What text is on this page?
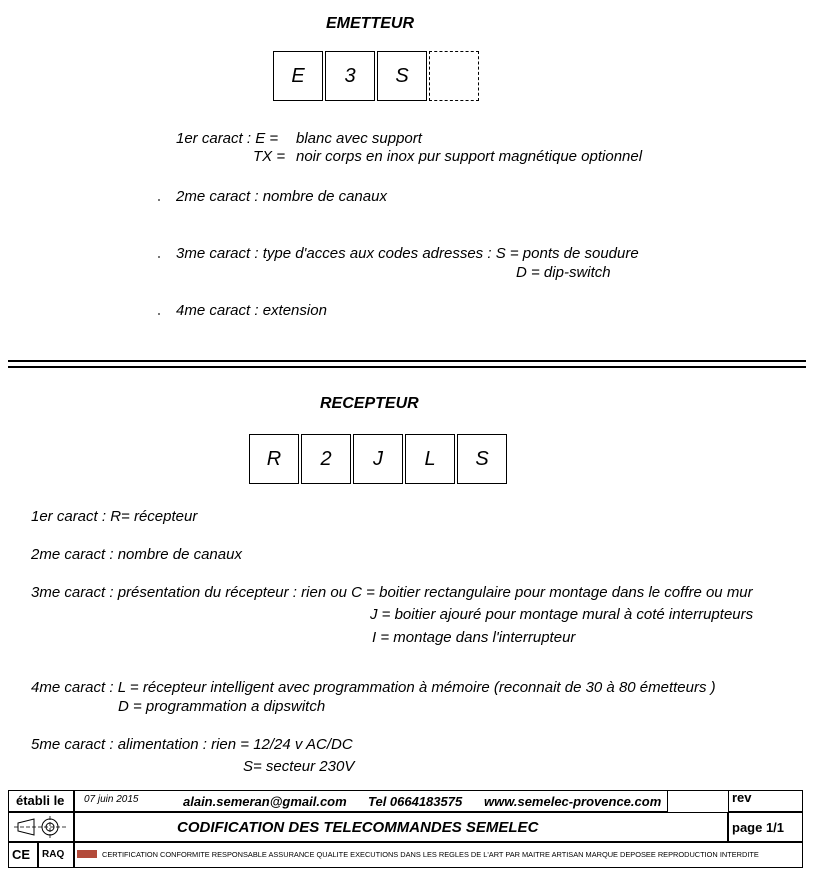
EMETTEUR
E	3	S
1er caract : E = blanc avec support
TX = noir corps en inox pur support magnétique optionnel
2me caract : nombre de canaux
3me caract : type d'acces aux codes adresses : S = ponts de soudure
D = dip-switch
4me caract : extension
RECEPTEUR
R	2	J	L	S
1er caract : R= récepteur
2me caract : nombre de canaux
3me caract : présentation du récepteur : rien ou C = boitier rectangulaire pour montage dans le coffre ou mur
J = boitier ajouré pour montage mural à coté interrupteurs
I = montage dans l'interrupteur
4me caract : L = récepteur intelligent avec programmation à mémoire (reconnait de 30 à 80 émetteurs )
D = programmation a dipswitch
5me caract : alimentation : rien = 12/24 v AC/DC
S= secteur 230V
établi le 07 juin 2015	alain.semeran@gmail.com Tel 0664183575 www.semelec-provence.com	rev
CODIFICATION DES TELECOMMANDES SEMELEC	page 1/1
CE RAQ	CERTIFICATION CONFORMITE RESPONSABLE ASSURANCE QUALITE EXECUTIONS DANS LES REGLES DE L'ART PAR MAITRE ARTISAN MARQUE DEPOSEE REPRODUCTION INTERDITE
